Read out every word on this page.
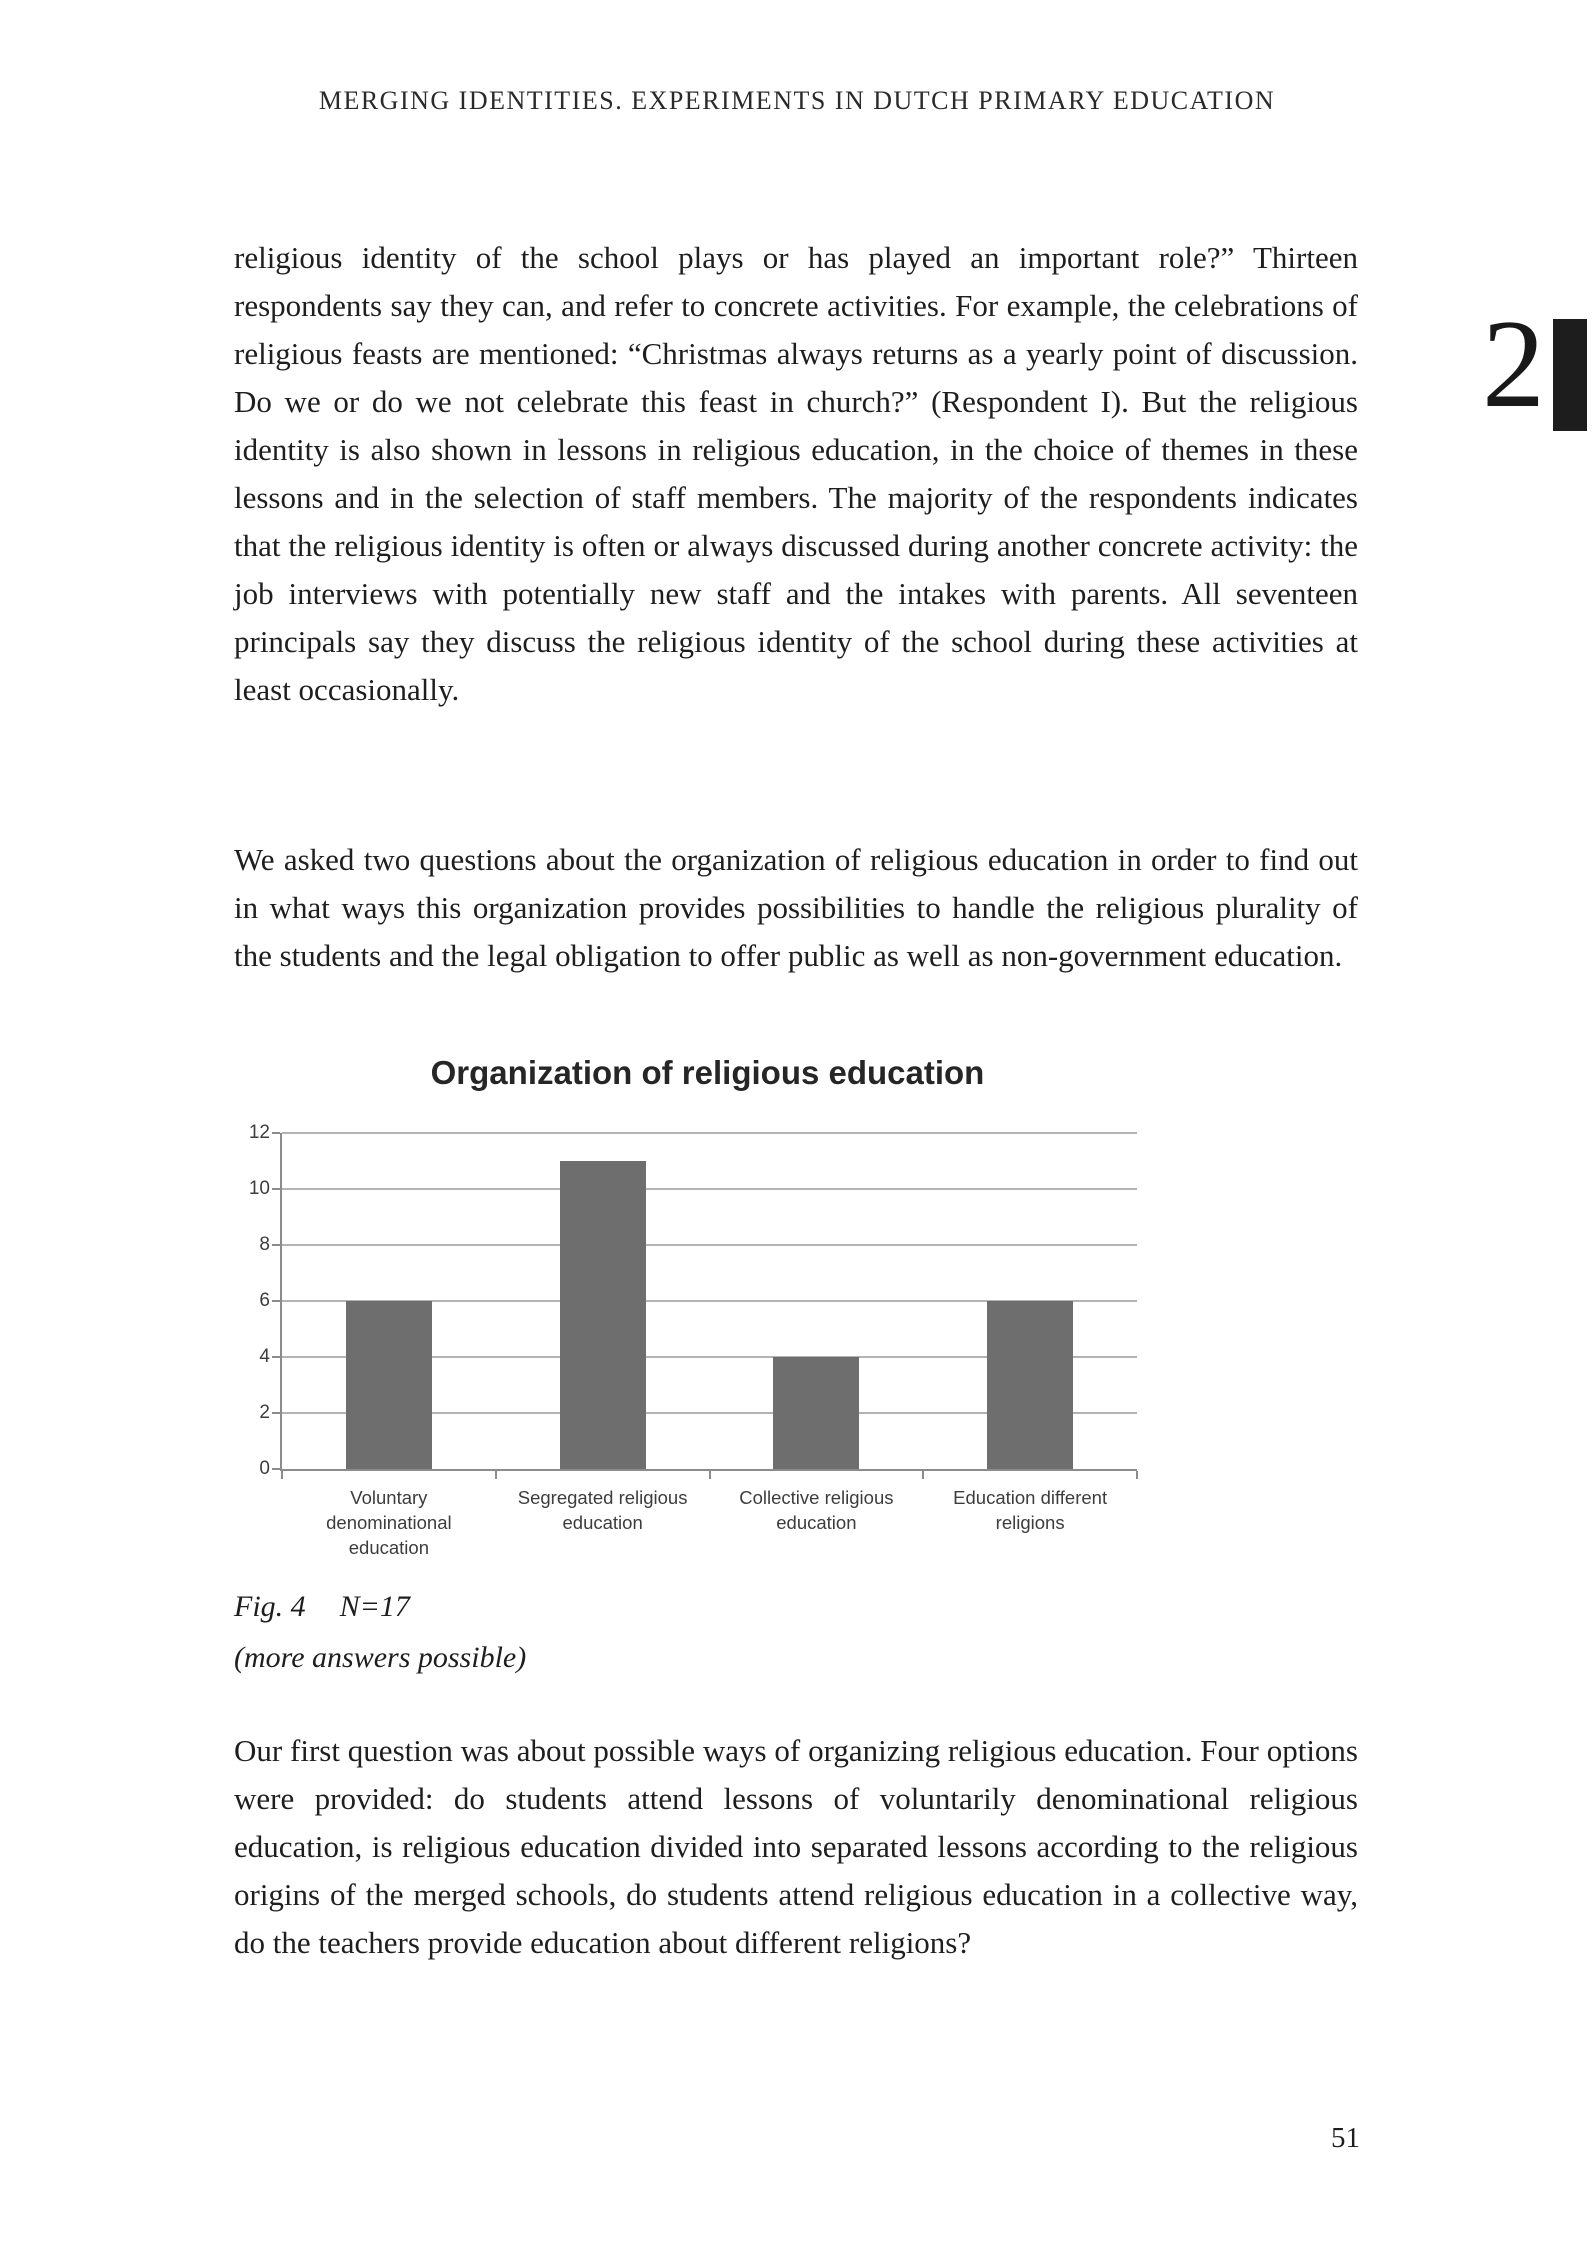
MERGING IDENTITIES. EXPERIMENTS IN DUTCH PRIMARY EDUCATION
2
religious identity of the school plays or has played an important role?” Thirteen respondents say they can, and refer to concrete activities. For example, the celebrations of religious feasts are mentioned: “Christmas always returns as a yearly point of discussion. Do we or do we not celebrate this feast in church?” (Respondent I). But the religious identity is also shown in lessons in religious education, in the choice of themes in these lessons and in the selection of staff members. The majority of the respondents indicates that the religious identity is often or always discussed during another concrete activity: the job interviews with potentially new staff and the intakes with parents. All seventeen principals say they discuss the religious identity of the school during these activities at least occasionally.
We asked two questions about the organization of religious education in order to find out in what ways this organization provides possibilities to handle the religious plurality of the students and the legal obligation to offer public as well as non-government education.
Organization of religious education
0
2
4
6
8
10
12
Voluntary denominational education
Segregated religious education
Collective religious education
Education different religions
Fig. 4 N=17
(more answers possible)
Our first question was about possible ways of organizing religious education. Four options were provided: do students attend lessons of voluntarily denominational religious education, is religious education divided into separated lessons according to the religious origins of the merged schools, do students attend religious education in a collective way, do the teachers provide education about different religions?
51
